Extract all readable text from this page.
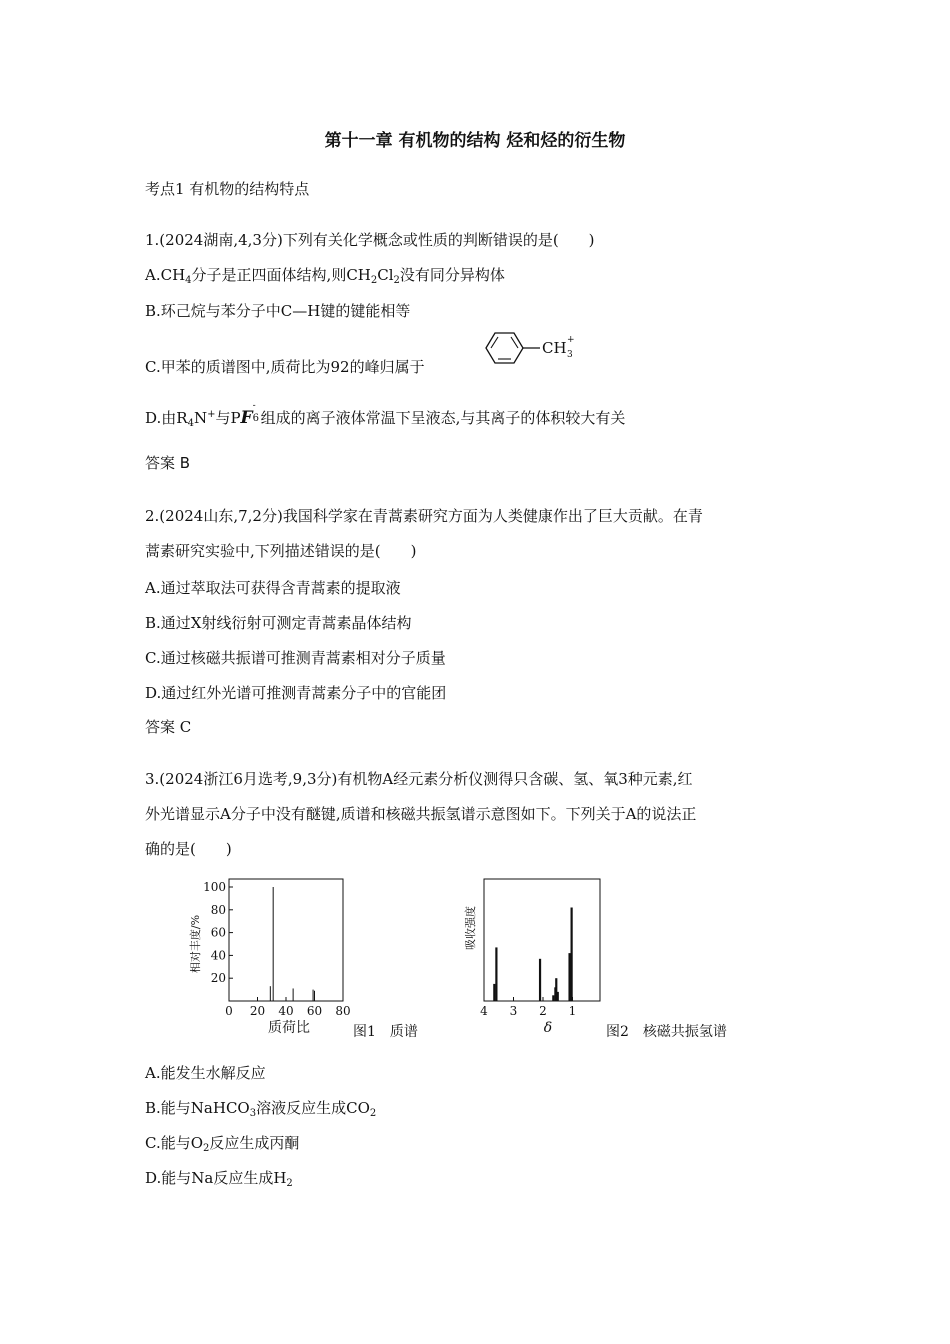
第十一章 有机物的结构 烃和烃的衍生物
考点1 有机物的结构特点
1.(2024湖南,4,3分)下列有关化学概念或性质的判断错误的是(　　)
$A.CH_4$分子是正四面体结构,则$CH_2Cl_2$没有同分异构体
B.环己烷与苯分子中C—H键的键能相等
C.甲苯的质谱图中,质荷比为92的峰归属于
CH +
3
D.由$R_4N^+$与PF
-
6 组成的离子液体常温下呈液态,与其离子的体积较大有关
答案 B
2.(2024山东,7,2分)我国科学家在青蒿素研究方面为人类健康作出了巨大贡献。在青
蒿素研究实验中,下列描述错误的是(　　)
A.通过萃取法可获得含青蒿素的提取液
B.通过X射线衍射可测定青蒿素晶体结构
C.通过核磁共振谱可推测青蒿素相对分子质量
D.通过红外光谱可推测青蒿素分子中的官能团
答案 C
3.(2024浙江6月选考,9,3分)有机物A经元素分析仪测得只含碳、氢、氧3种元素,红
外光谱显示A分子中没有醚键,质谱和核磁共振氢谱示意图如下。下列关于A的说法正
确的是(　　)
0 20 40 60 80
20
40
60
80
100
相对丰度/%
质荷比	图1　质谱
4 3 2 1
吸收强度
δ	图2　核磁共振氢谱
A.能发生水解反应
B.能与NaHCO$_3$溶液反应生成$CO_2$
C.能与$O_2$反应生成丙酮
D.能与Na反应生成$H_2$
